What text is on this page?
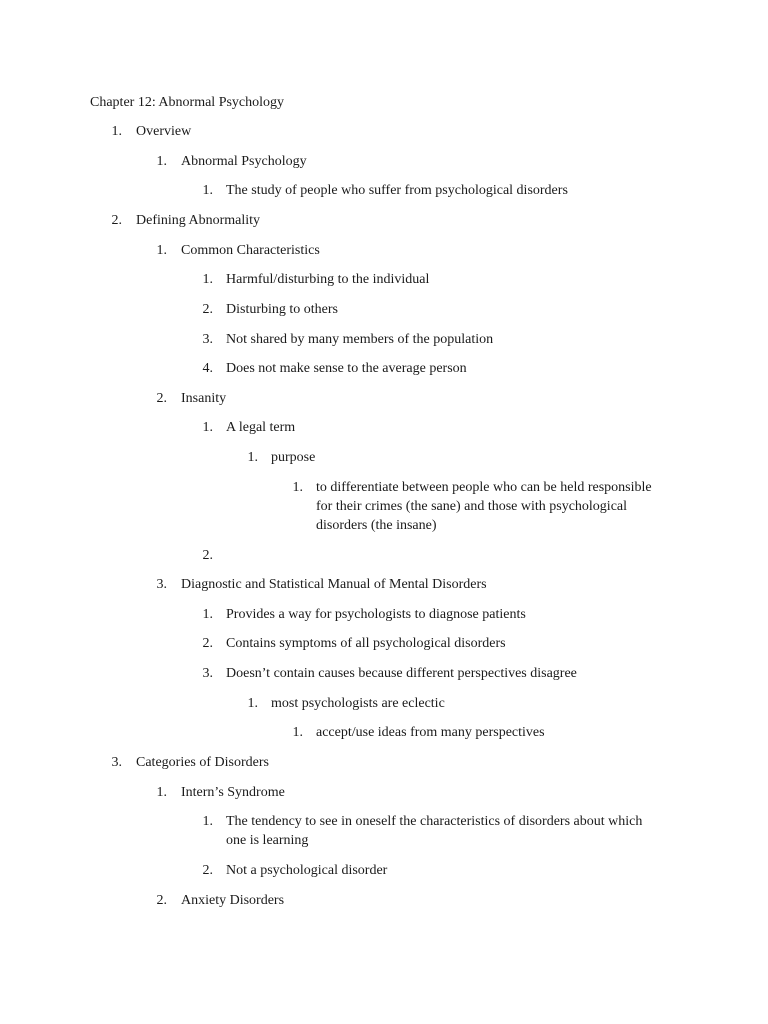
Chapter 12: Abnormal Psychology
1. Overview
1. Abnormal Psychology
1. The study of people who suffer from psychological disorders
2. Defining Abnormality
1. Common Characteristics
1. Harmful/disturbing to the individual
2. Disturbing to others
3. Not shared by many members of the population
4. Does not make sense to the average person
2. Insanity
1. A legal term
1. purpose
1. to differentiate between people who can be held responsible
for their crimes (the sane) and those with psychological
disorders (the insane)
2.
3. Diagnostic and Statistical Manual of Mental Disorders
1. Provides a way for psychologists to diagnose patients
2. Contains symptoms of all psychological disorders
3. Doesn’t contain causes because different perspectives disagree
1. most psychologists are eclectic
1. accept/use ideas from many perspectives
3. Categories of Disorders
1. Intern’s Syndrome
1. The tendency to see in oneself the characteristics of disorders about which
one is learning
2. Not a psychological disorder
2. Anxiety Disorders
